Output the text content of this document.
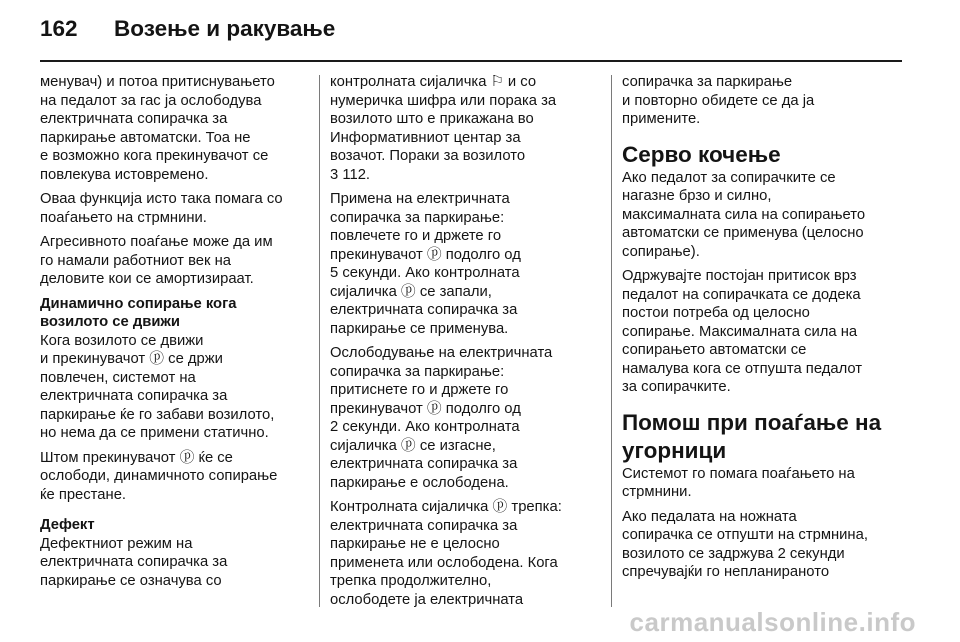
162 Возење и ракување

менувач) и потоа притиснувањето
на педалот за гас ја ослободува
електричната сопирачка за
паркирање автоматски. Тоа не
е возможно кога прекинувачот се
повлекува истовремено.

Оваа функција исто така помага со
поаѓањето на стрмнини.

Агресивното поаѓање може да им
го намали работниот век на
деловите кои се амортизираат.

Динамично сопирање кога
возилото се движи

Кога возилото се движи
и прекинувачот ⓟ се држи
повлечен, системот на
електричната сопирачка за
паркирање ќе го забави возилото,
но нема да се примени статично.

Штом прекинувачот ⓟ ќе се
ослободи, динамичното сопирање
ќе престане.

Дефект

Дефектниот режим на
електричната сопирачка за
паркирање се означува со

контролната сијаличка ⚐ и со
нумеричка шифра или порака за
возилото што е прикажана во
Информативниот центар за
возачот. Пораки за возилото
3 112.

Примена на електричната
сопирачка за паркирање:
повлечете го и држете го
прекинувачот ⓟ подолго од
5 секунди. Ако контролната
сијаличка ⓟ се запали,
електричната сопирачка за
паркирање се применува.

Ослободување на електричната
сопирачка за паркирање:
притиснете го и држете го
прекинувачот ⓟ подолго од
2 секунди. Ако контролната
сијаличка ⓟ се изгасне,
електричната сопирачка за
паркирање е ослободена.

Контролната сијаличка ⓟ трепка:
електричната сопирачка за
паркирање не е целосно
применета или ослободена. Кога
трепка продолжително,
ослободете ја електричната

сопирачка за паркирање
и повторно обидете се да ја
примените.

Серво кочење

Ако педалот за сопирачките се
нагазне брзо и силно,
максималната сила на сопирањето
автоматски се применува (целосно
сопирање).

Одржувајте постојан притисок врз
педалот на сопирачката се додека
постои потреба од целосно
сопирање. Максималната сила на
сопирањето автоматски се
намалува кога се отпушта педалот
за сопирачките.

Помош при поаѓање на
угорници

Системот го помага поаѓањето на
стрмнини.

Ако педалата на ножната
сопирачка се отпушти на стрмнина,
возилото се задржува 2 секунди
спречувајќи го непланираното

carmanualsonline.info
